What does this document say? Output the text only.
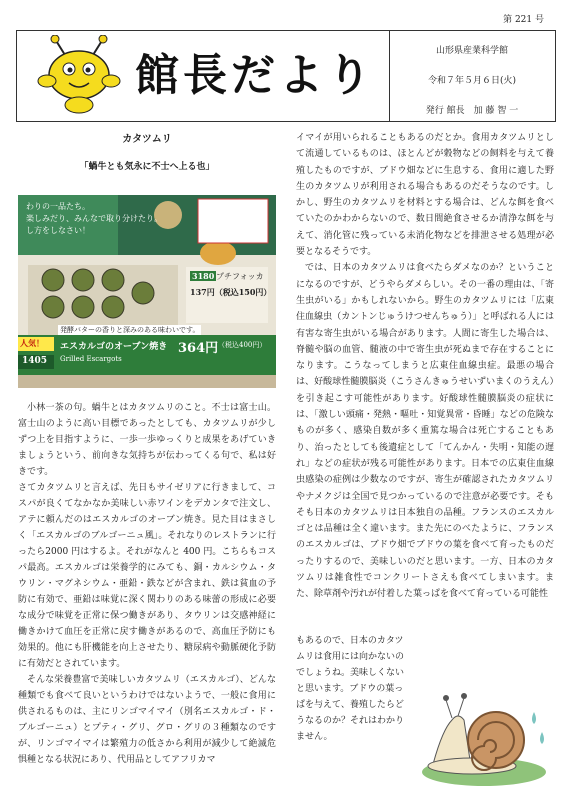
第 221 号
館長だより	山形県産業科学館
令和７年５月６日(火)
発行 館長　加 藤 智 一
カタツムリ
「蝸牛とも気永に不士へ上る也」
わりの一品たち。
楽しみだり、みんなで取り分けたり。
し方をしなさい！
3180 プチフォッカ
137円（税込150円）
発酵バターの香りと深みのある味わいです。
人気！
1405
エスカルゴのオーブン焼き 364円 （税込400円）
Grilled Escargots

小林一茶の句。蝸牛とはカタツムリのこと。不士は富士山。富士山のように高い目標であったとしても、カタツムリが少しずつ上を目指すように、一歩一歩ゆっくりと成果をあげていきましょうという、前向きな気持ちが伝わってくる句で、私は好きです。

さてカタツムリと言えば、先日もサイゼリアに行きまして、コスパが良くてなかなか美味しい赤ワインをデカンタで注文し、アテに頼んだのはエスカルゴのオーブン焼き。見た目はまさしく「エスカルゴのブルゴーニュ風」。それなりのレストランに行ったら2000 円はするよ。それがなんと 400 円。こちらもコスパ最高。エスカルゴは栄養学的にみても、銅・カルシウム・タウリン・マグネシウム・亜鉛・鉄などが含まれ、鉄は貧血の予防に有効で、亜鉛は味覚に深く関わりのある味蕾の形成に必要な成分で味覚を正常に保つ働きがあり、タウリンは交感神経に働きかけて血圧を正常に戻す働きがあるので、高血圧予防にも効果的。他にも肝機能を向上させたり、糖尿病や動脈硬化予防に有効だとされています。

そんな栄養豊富で美味しいカタツムリ（エスカルゴ）、どんな種類でも食べて良いというわけではないようで、一般に食用に供されるものは、主にリンゴマイマイ（別名エスカルゴ・ド・ブルゴーニュ）とプティ・グリ、グロ・グリの３種類なのですが、リンゴマイマイは繁殖力の低さから利用が減少して絶滅危惧種となる状況にあり、代用品としてアフリカマ

イマイが用いられることもあるのだとか。食用カタツムリとして流通しているものは、ほとんどが穀物などの飼料を与えて養殖したものですが、ブドウ畑などに生息する、食用に適した野生のカタツムリが利用される場合もあるのだそうなのです。しかし、野生のカタツムリを材料とする場合は、どんな餌を食べていたのかわからないので、数日間絶食させるか清浄な餌を与えて、消化管に残っている未消化物などを排泄させる処理が必要となるそうです。

では、日本のカタツムリは食べたらダメなのか？ということになるのですが、どうやらダメらしい。その一番の理由は、「寄生虫がいる」かもしれないから。野生のカタツムリには「広東住血線虫（カントンじゅうけつせんちゅう）」と呼ばれる人には有害な寄生虫がいる場合があります。人間に寄生した場合は、脊髄や脳の血管、髄液の中で寄生虫が死ぬまで存在することになります。こうなってしまうと広東住血線虫症。最悪の場合は、好酸球性髄膜脳炎（こうさんきゅうせいずいまくのうえん）を引き起こす可能性があります。好酸球性髄膜脳炎の症状には、「激しい頭痛・発熱・嘔吐・知覚異常・昏睡」などの危険なものが多く、感染自数が多く重篤な場合は死亡することもあり、治ったとしても後遺症として「てんかん・失明・知能の遅れ」などの症状が残る可能性があります。日本での広東住血線虫感染の症例は少数なのですが、寄生が確認されたカタツムリやナメクジは全国で見つかっているので注意が必要です。そもそも日本のカタツムリは日本独自の品種。フランスのエスカルゴとは品種は全く違います。また先にのべたように、フランスのエスカルゴは、ブドウ畑でブドウの葉を食べて育ったものだったりするので、美味しいのだと思います。一方、日本のカタツムリは雑食性でコンクリートさえも食べてしまいます。また、除草剤や汚れが付着した葉っぱを食べて育っている可能性

もあるので、日本のカタツムリは食用には向かないのでしょうね。美味しくないと思います。ブドウの葉っぱを与えて、養殖したらどうなるのか？それはわかりません。
